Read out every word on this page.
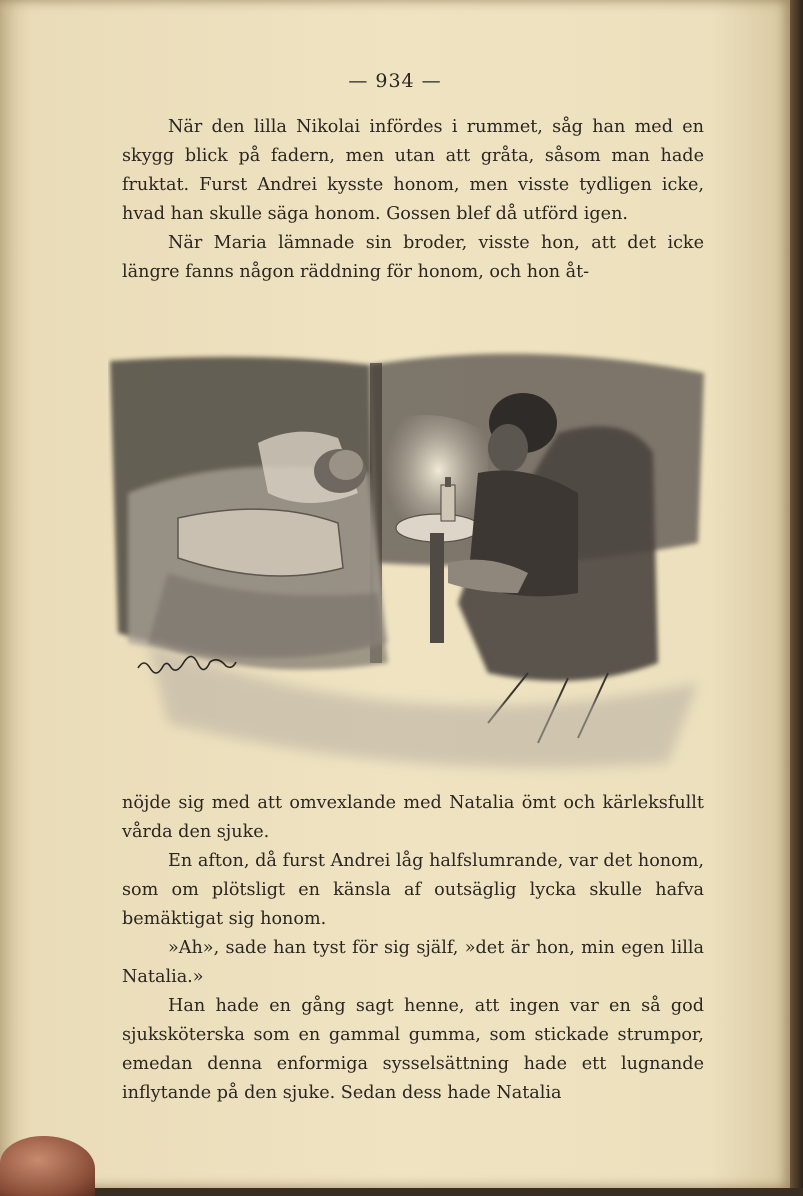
— 934 —

När den lilla Nikolai infördes i rummet, såg han med en skygg blick på fadern, men utan att gråta, såsom man hade fruktat. Furst Andrei kysste honom, men visste tydligen icke, hvad han skulle säga honom. Gossen blef då utförd igen.

När Maria lämnade sin broder, visste hon, att det icke längre fanns någon räddning för honom, och hon åt-

nöjde sig med att omvexlande med Natalia ömt och kärleksfullt vårda den sjuke.

En afton, då furst Andrei låg halfslumrande, var det honom, som om plötsligt en känsla af outsäglig lycka skulle hafva bemäktigat sig honom.

»Ah», sade han tyst för sig själf, »det är hon, min egen lilla Natalia.»

Han hade en gång sagt henne, att ingen var en så god sjuksköterska som en gammal gumma, som stickade strumpor, emedan denna enformiga sysselsättning hade ett lugnande inflytande på den sjuke. Sedan dess hade Natalia
